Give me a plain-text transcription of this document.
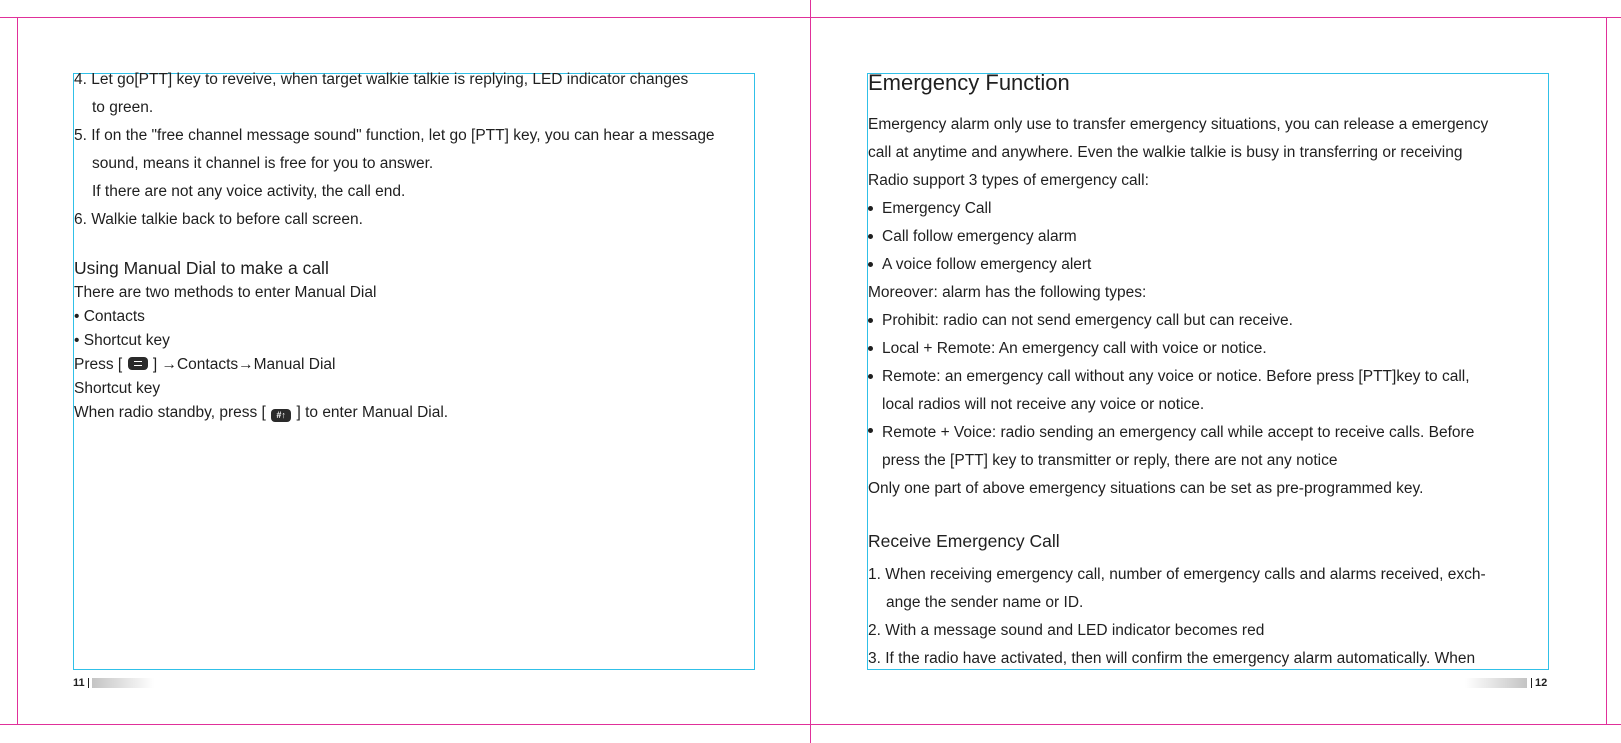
4. Let go[PTT] key to reveive, when target walkie talkie is replying, LED indicator changes
to green.
5. If on the "free channel message sound" function, let go [PTT] key, you can hear a message
sound, means it channel is free for you to answer.
If there are not any voice activity, the call end.
6. Walkie talkie back to before call screen.
Using Manual Dial to make a call
There are two methods to enter Manual Dial
• Contacts
• Shortcut key
Press [ ] →Contacts→Manual Dial
Shortcut key
When radio standby, press [ #↑ ] to enter Manual Dial.
11
Emergency Function
Emergency alarm only use to transfer emergency situations, you can release a emergency
call at anytime and anywhere. Even the walkie talkie is busy in transferring or receiving
Radio support 3 types of emergency call:
Emergency Call
Call follow emergency alarm
A voice follow emergency alert
Moreover: alarm has the following types:
Prohibit: radio can not send emergency call but can receive.
Local + Remote: An emergency call with voice or notice.
Remote: an emergency call without any voice or notice. Before press [PTT]key to call,
local radios will not receive any voice or notice.
Remote + Voice: radio sending an emergency call while accept to receive calls. Before
press the [PTT] key to transmitter or reply, there are not any notice
Only one part of above emergency situations can be set as pre-programmed key.
Receive Emergency Call
1. When receiving emergency call, number of emergency calls and alarms received, exch-
ange the sender name or ID.
2. With a message sound and LED indicator becomes red
3. If the radio have activated, then will confirm the emergency alarm automatically. When
12
